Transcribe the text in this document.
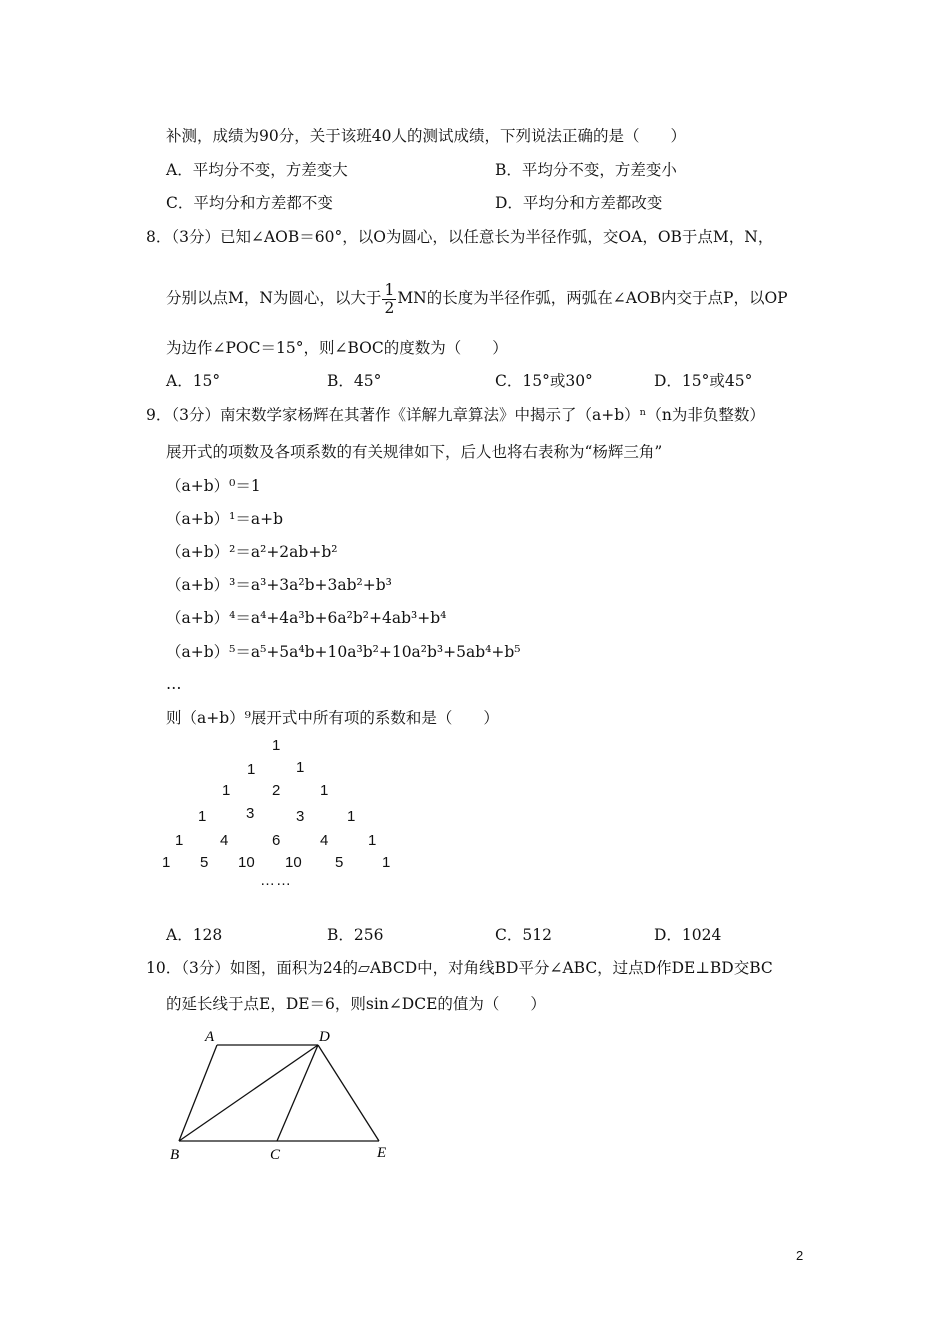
补测，成绩为90分，关于该班40人的测试成绩，下列说法正确的是（　　）
A．平均分不变，方差变大	B．平均分不变，方差变小
C．平均分和方差都不变	D．平均分和方差都改变
8．（3分）已知∠AOB＝60°，以O为圆心，以任意长为半径作弧，交OA，OB于点M，N，
分别以点M，N为圆心，以大于 $\frac{1}{2}$ MN的长度为半径作弧，两弧在∠AOB内交于点P，以OP
为边作∠POC＝15°，则∠BOC的度数为（　　）
A．15°	B．45°	C．15°或30°	D．15°或45°
9．（3分）南宋数学家杨辉在其著作《详解九章算法》中揭示了（a+b）ⁿ（n为非负整数）
展开式的项数及各项系数的有关规律如下，后人也将右表称为“杨辉三角”
（a+b）⁰＝1
（a+b）¹＝a+b
（a+b）²＝a²+2ab+b²
（a+b）³＝a³+3a²b+3ab²+b³
（a+b）⁴＝a⁴+4a³b+6a²b²+4ab³+b⁴
（a+b）⁵＝a⁵+5a⁴b+10a³b²+10a²b³+5ab⁴+b⁵
…
则（a+b）⁹展开式中所有项的系数和是（　　）
1
1	1
1	2	1
1	3	3	1
1 4	6	4	1
1 5 10 10 5	1
……
A．128	B．256	C．512	D．1024
10．（3分）如图，面积为24的▱ABCD中，对角线BD平分∠ABC，过点D作DE⊥BD交BC
的延长线于点E，DE＝6，则sin∠DCE的值为（　　）
A	D
B	C	E
2
